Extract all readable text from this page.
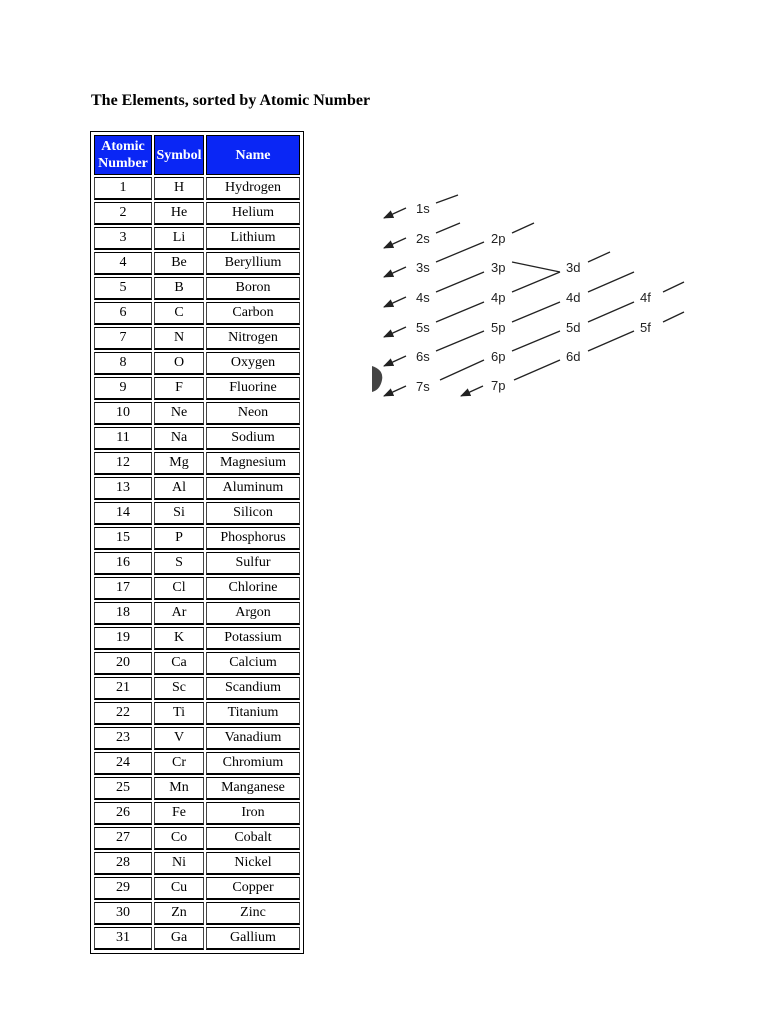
The Elements, sorted by Atomic Number
Atomic
Number	Symbol	Name
1	H	Hydrogen
2	He	Helium
3	Li	Lithium
4	Be	Beryllium
5	B	Boron
6	C	Carbon
7	N	Nitrogen
8	O	Oxygen
9	F	Fluorine
10	Ne	Neon
11	Na	Sodium
12	Mg	Magnesium
13	Al	Aluminum
14	Si	Silicon
15	P	Phosphorus
16	S	Sulfur
17	Cl	Chlorine
18	Ar	Argon
19	K	Potassium
20	Ca	Calcium
21	Sc	Scandium
22	Ti	Titanium
23	V	Vanadium
24	Cr	Chromium
25	Mn	Manganese
26	Fe	Iron
27	Co	Cobalt
28	Ni	Nickel
29	Cu	Copper
30	Zn	Zinc
31	Ga	Gallium
1s
2s
3s
4s
5s
6s
7s
2p
3p
4p
5p
6p
7p
3d
4d
5d
6d
4f
5f
